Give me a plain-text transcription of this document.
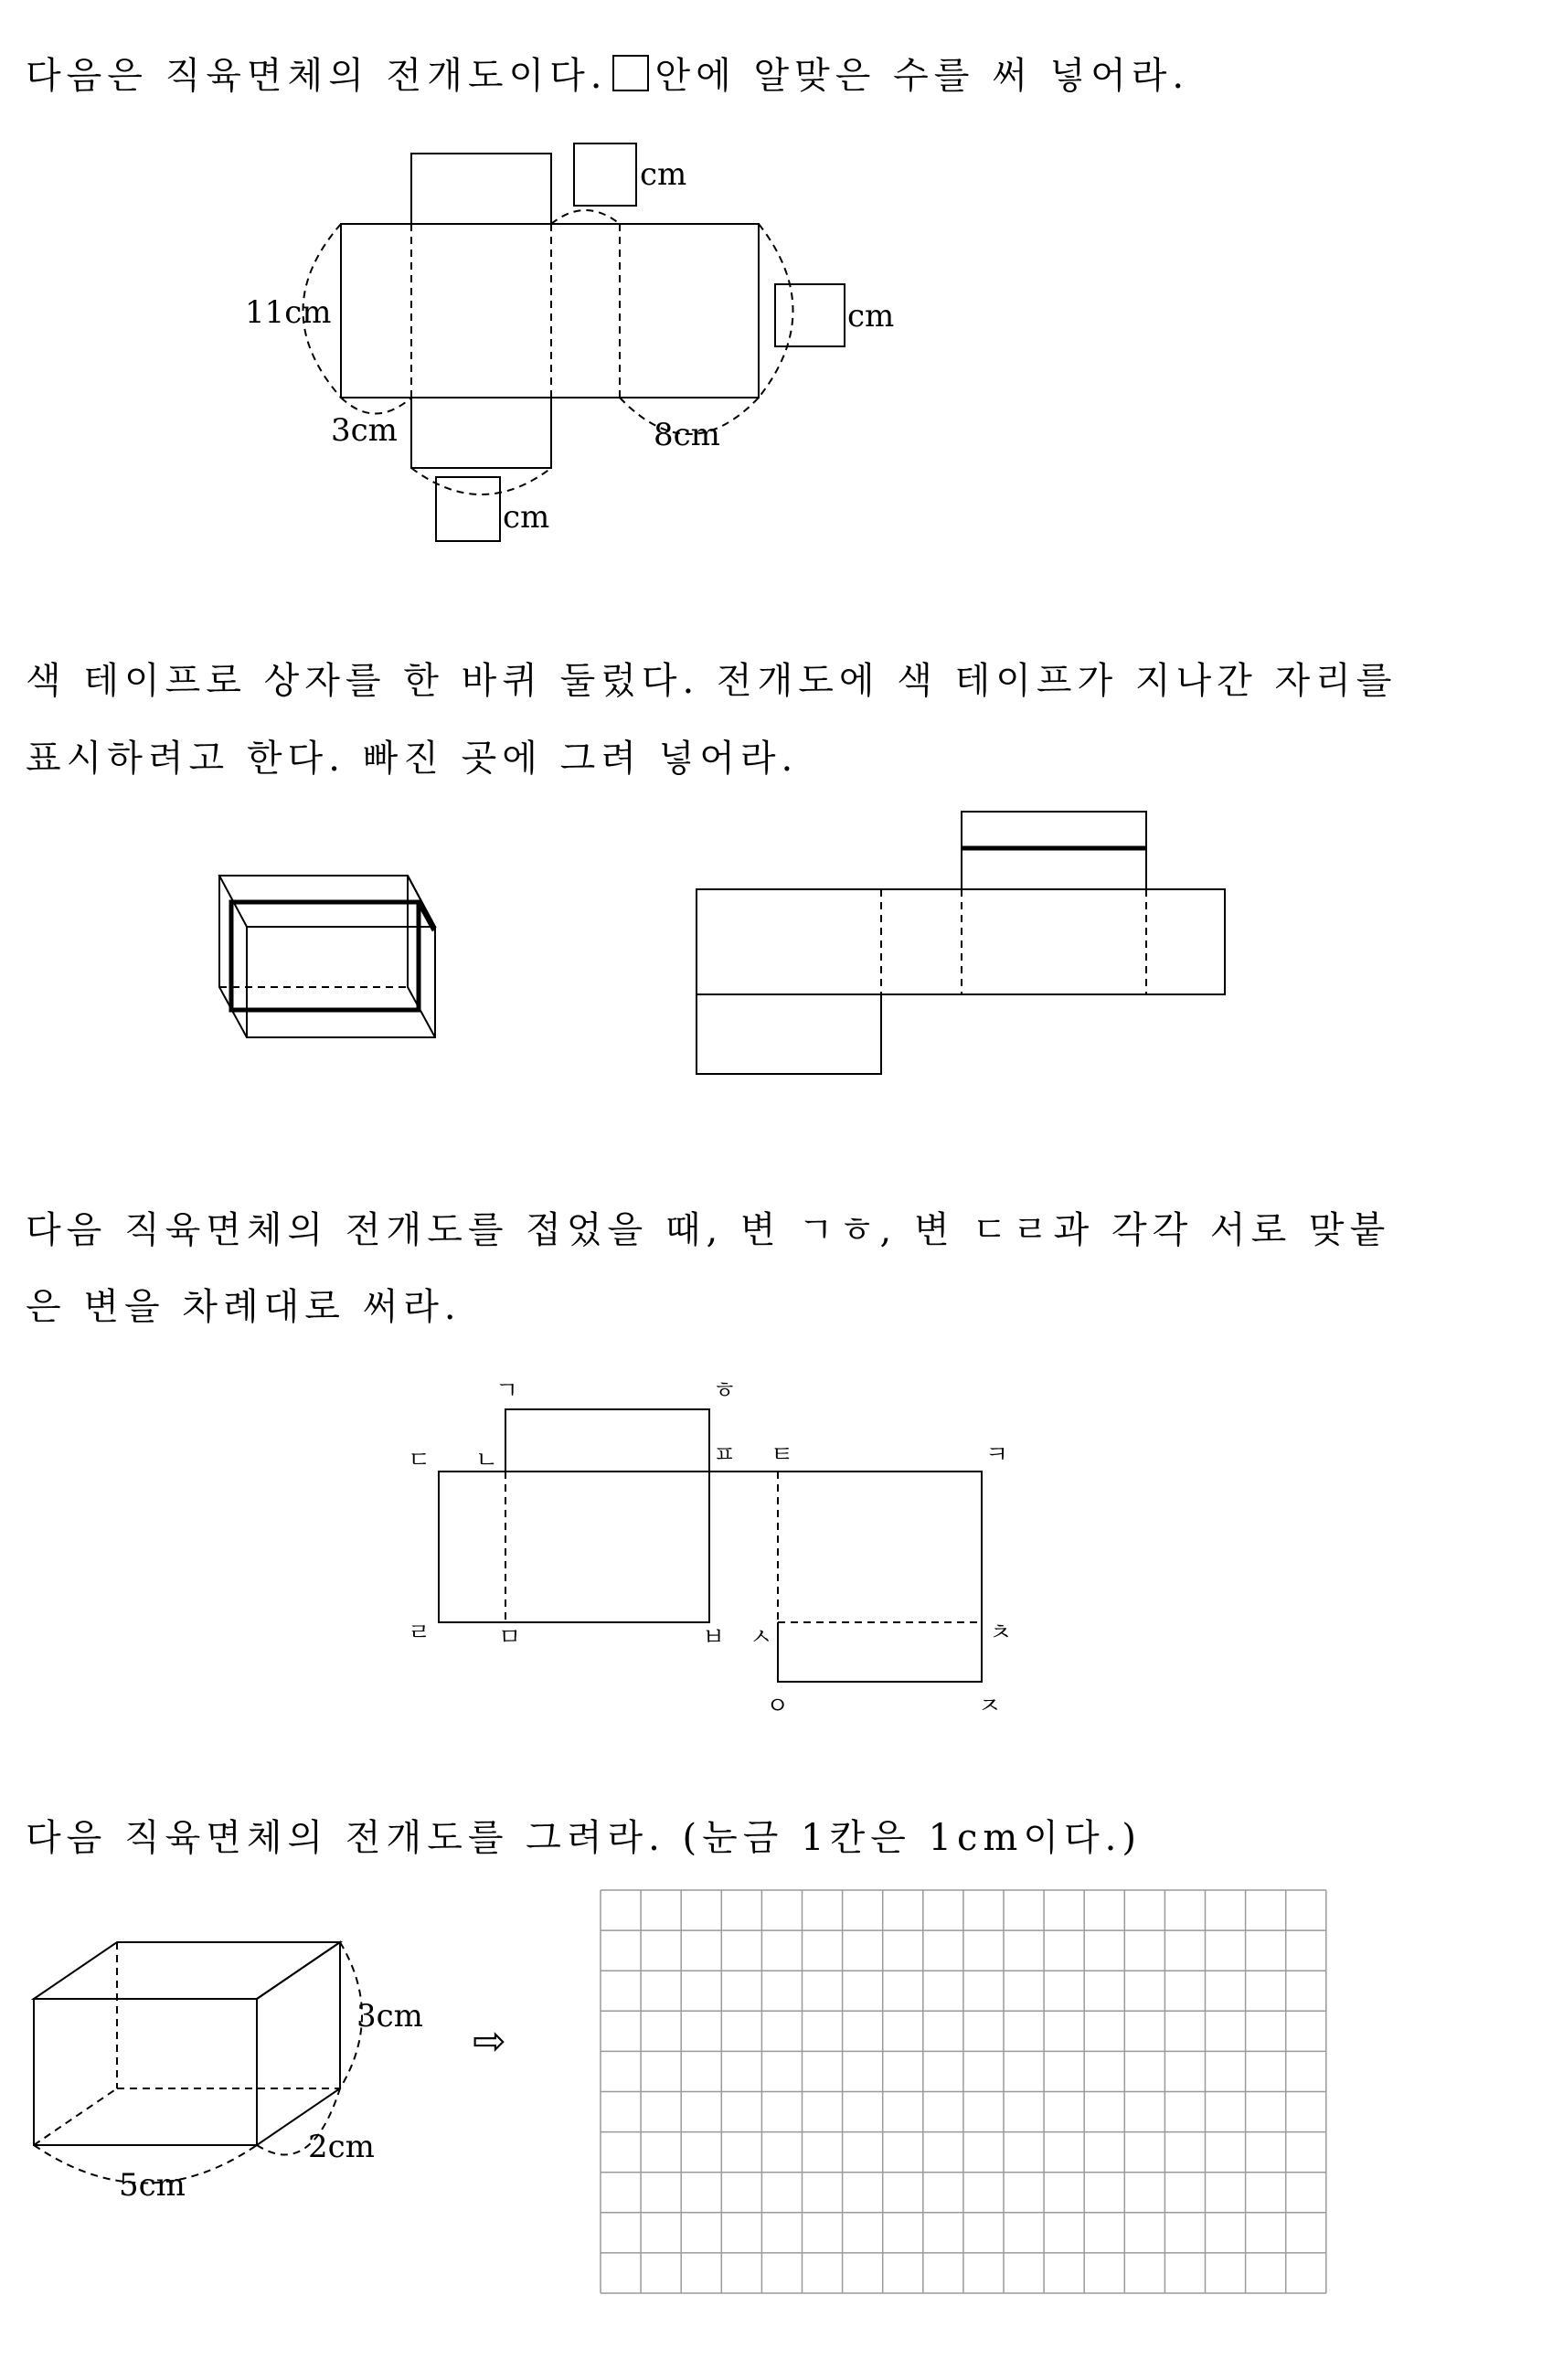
다음은 직육면체의 전개도이다. 안에 알맞은 수를 써 넣어라.
색 테이프로 상자를 한 바퀴 둘렀다. 전개도에 색 테이프가 지나간 자리를
표시하려고 한다. 빠진 곳에 그려 넣어라.
다음 직육면체의 전개도를 접었을 때, 변 ㄱㅎ, 변 ㄷㄹ과 각각 서로 맞붙
은 변을 차례대로 써라.
다음 직육면체의 전개도를 그려라. (눈금 1칸은 1cm이다.)
11cm
3cm	8cm
cm
cm
cm
ㄱ
ㄴ
ㄷ
ㄹ	ㅁ	ㅂ ㅅ
ㅇ	ㅈ
ㅊ
ㅋ
ㅌ
ㅍ
ㅎ
3cm
2cm
5cm
⇨
